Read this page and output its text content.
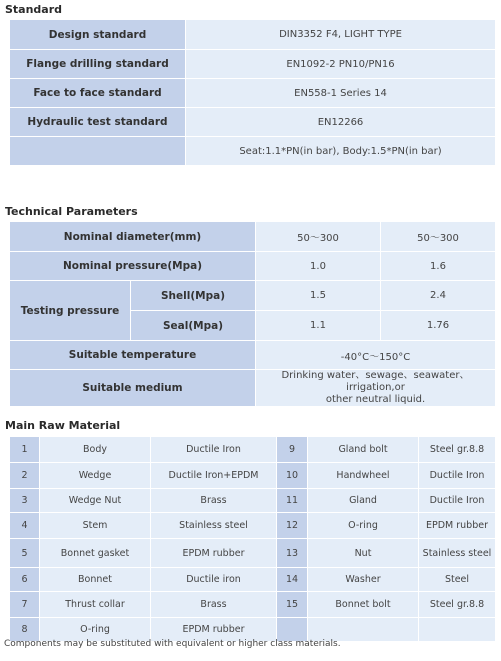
Standard
Design standard	DIN3352 F4, LIGHT TYPE
Flange drilling standard	EN1092-2 PN10/PN16
Face to face standard	EN558-1 Series 14
Hydraulic test standard	EN12266
	Seat:1.1*PN(in bar), Body:1.5*PN(in bar)
Technical Parameters
Nominal diameter(mm)		50～300	50～300
Nominal pressure(Mpa)		1.0	1.6
Testing pressure	Shell(Mpa)	1.5	2.4
	Seal(Mpa)	1.1	1.76
Suitable temperature		-40°C～150°C	
Suitable medium		Drinking water、sewage、seawater、irrigation,or
other neutral liquid.	
Main Raw Material
1	Body	Ductile Iron	9	Gland bolt	Steel gr.8.8
2	Wedge	Ductile Iron+EPDM	10	Handwheel	Ductile Iron
3	Wedge Nut	Brass	11	Gland	Ductile Iron
4	Stem	Stainless steel	12	O-ring	EPDM rubber
5	Bonnet gasket	EPDM rubber	13	Nut	Stainless steel
6	Bonnet	Ductile iron	14	Washer	Steel
7	Thrust collar	Brass	15	Bonnet bolt	Steel gr.8.8
8	O-ring	EPDM rubber			
Components may be substituted with equivalent or higher class materials.
